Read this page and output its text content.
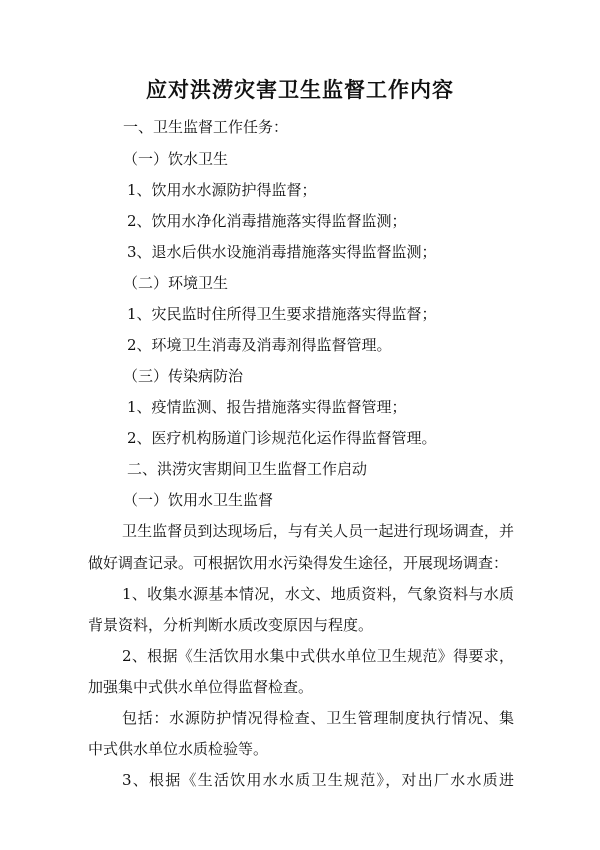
应对洪涝灾害卫生监督工作内容
一、卫生监督工作任务：
（一）饮水卫生
1、饮用水水源防护得监督；
2、饮用水净化消毒措施落实得监督监测；
3、退水后供水设施消毒措施落实得监督监测；
（二）环境卫生
1、灾民监时住所得卫生要求措施落实得监督；
2、环境卫生消毒及消毒剂得监督管理。
（三）传染病防治
1、疫情监测、报告措施落实得监督管理；
2、医疗机构肠道门诊规范化运作得监督管理。
二、洪涝灾害期间卫生监督工作启动
（一）饮用水卫生监督
卫生监督员到达现场后，与有关人员一起进行现场调查，并
做好调查记录。可根据饮用水污染得发生途径，开展现场调查：
1、收集水源基本情况，水文、地质资料，气象资料与水质
背景资料，分析判断水质改变原因与程度。
2、根据《生活饮用水集中式供水单位卫生规范》得要求，
加强集中式供水单位得监督检查。
包括：水源防护情况得检查、卫生管理制度执行情况、集
中式供水单位水质检验等。
3、根据《生活饮用水水质卫生规范》，对出厂水水质进
